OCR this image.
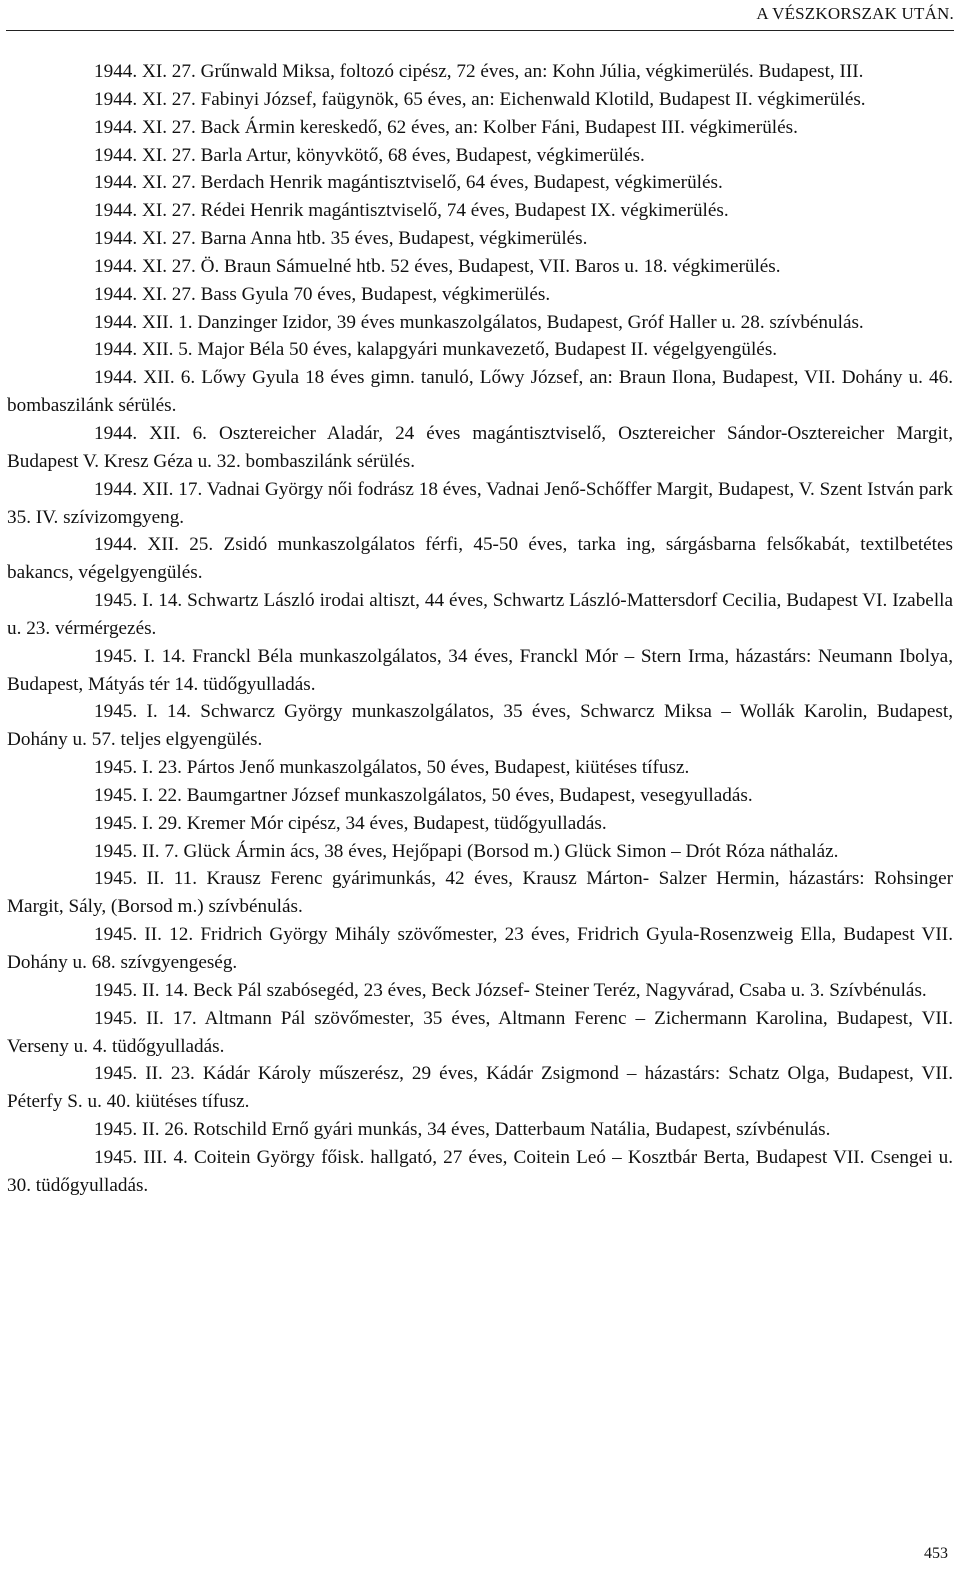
A VÉSZKORSZAK UTÁN.

1944. XI. 27. Grűnwald Miksa, foltozó cipész, 72 éves, an: Kohn Júlia, végkimerülés. Budapest, III.

1944. XI. 27. Fabinyi József, faügynök, 65 éves, an: Eichenwald Klotild, Budapest II. végkimerülés.

1944. XI. 27. Back Ármin kereskedő, 62 éves, an: Kolber Fáni, Budapest III. végkimerülés.

1944. XI. 27. Barla Artur, könyvkötő, 68 éves, Budapest, végkimerülés.

1944. XI. 27. Berdach Henrik magántisztviselő, 64 éves, Budapest, végkimerülés.

1944. XI. 27. Rédei Henrik magántisztviselő, 74 éves, Budapest IX. végkimerülés.

1944. XI. 27. Barna Anna htb. 35 éves, Budapest, végkimerülés.

1944. XI. 27. Ö. Braun Sámuelné htb. 52 éves, Budapest, VII. Baros u. 18. végkimerülés.

1944. XI. 27. Bass Gyula 70 éves, Budapest, végkimerülés.

1944. XII. 1. Danzinger Izidor, 39 éves munkaszolgálatos, Budapest, Gróf Haller u. 28. szívbénulás.

1944. XII. 5. Major Béla 50 éves, kalapgyári munkavezető, Budapest II. végelgyengülés.

1944. XII. 6. Lőwy Gyula 18 éves gimn. tanuló, Lőwy József, an: Braun Ilona, Budapest, VII. Dohány u. 46. bombaszilánk sérülés.

1944. XII. 6. Osztereicher Aladár, 24 éves magántisztviselő, Osztereicher Sándor-Osztereicher Margit, Budapest V. Kresz Géza u. 32. bombaszilánk sérülés.

1944. XII. 17. Vadnai György női fodrász 18 éves, Vadnai Jenő-Schőffer Margit, Budapest, V. Szent István park 35. IV. szívizomgyeng.

1944. XII. 25. Zsidó munkaszolgálatos férfi, 45-50 éves, tarka ing, sárgásbarna felsőkabát, textilbetétes bakancs, végelgyengülés.

1945. I. 14. Schwartz László irodai altiszt, 44 éves, Schwartz László-Mattersdorf Cecilia, Budapest VI. Izabella u. 23. vérmérgezés.

1945. I. 14. Franckl Béla munkaszolgálatos, 34 éves, Franckl Mór – Stern Irma, házastárs: Neumann Ibolya, Budapest, Mátyás tér 14. tüdőgyulladás.

1945. I. 14. Schwarcz György munkaszolgálatos, 35 éves, Schwarcz Miksa – Wollák Karolin, Budapest, Dohány u. 57. teljes elgyengülés.

1945. I. 23. Pártos Jenő munkaszolgálatos, 50 éves, Budapest, kiütéses tífusz.

1945. I. 22. Baumgartner József munkaszolgálatos, 50 éves, Budapest, vesegyulladás.

1945. I. 29. Kremer Mór cipész, 34 éves, Budapest, tüdőgyulladás.

1945. II. 7. Glück Ármin ács, 38 éves, Hejőpapi (Borsod m.) Glück Simon – Drót Róza náthaláz.

1945. II. 11. Krausz Ferenc gyárimunkás, 42 éves, Krausz Márton- Salzer Hermin, házastárs: Rohsinger Margit, Sály, (Borsod m.) szívbénulás.

1945. II. 12. Fridrich György Mihály szövőmester, 23 éves, Fridrich Gyula-Rosenzweig Ella, Budapest VII. Dohány u. 68. szívgyengeség.

1945. II. 14. Beck Pál szabósegéd, 23 éves, Beck József- Steiner Teréz, Nagyvárad, Csaba u. 3. Szívbénulás.

1945. II. 17. Altmann Pál szövőmester, 35 éves, Altmann Ferenc – Zichermann Karolina, Budapest, VII. Verseny u. 4. tüdőgyulladás.

1945. II. 23. Kádár Károly műszerész, 29 éves, Kádár Zsigmond – házastárs: Schatz Olga, Budapest, VII. Péterfy S. u. 40. kiütéses tífusz.

1945. II. 26. Rotschild Ernő gyári munkás, 34 éves, Datterbaum Natália, Budapest, szívbénulás.

1945. III. 4. Coitein György főisk. hallgató, 27 éves, Coitein Leó – Kosztbár Berta, Budapest VII. Csengei u. 30. tüdőgyulladás.

453
